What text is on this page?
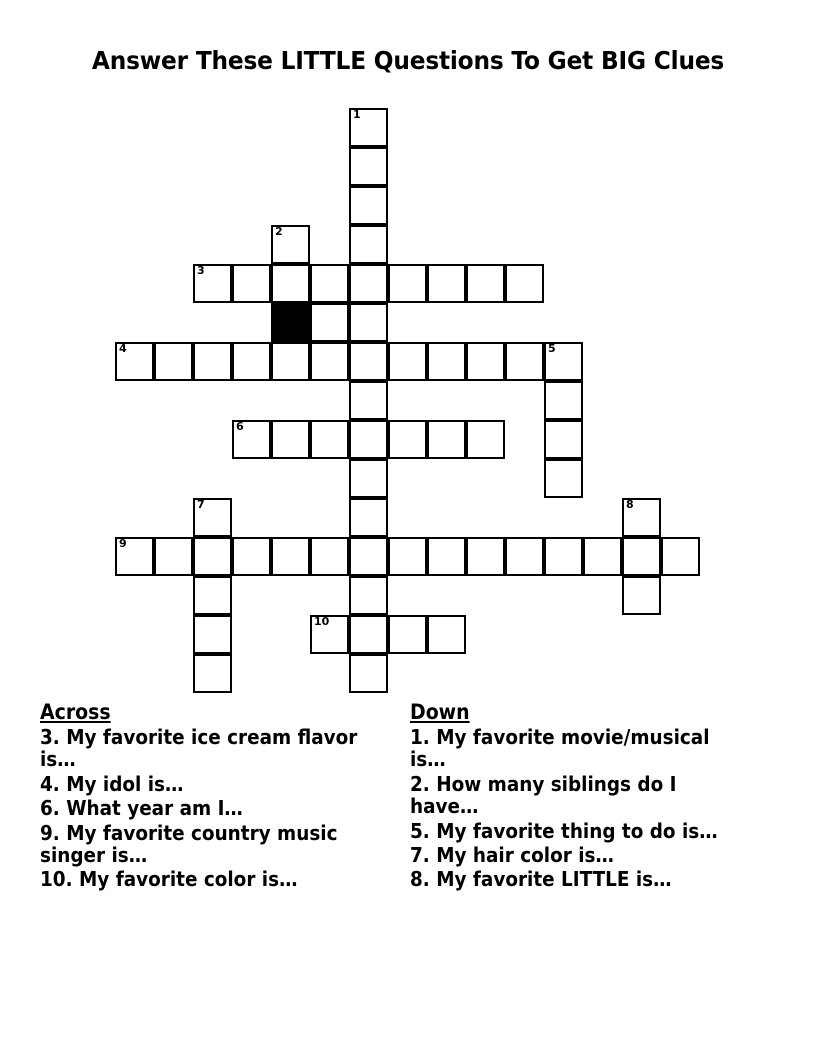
Answer These LITTLE Questions To Get BIG Clues
1
2
3
4	5
6
7	8
9
10
Across
3. My favorite ice cream flavor is…
4. My idol is…
6. What year am I…
9. My favorite country music singer is…
10. My favorite color is…
Down
1. My favorite movie/musical is…
2. How many siblings do I have…
5. My favorite thing to do is…
7. My hair color is…
8. My favorite LITTLE is…
